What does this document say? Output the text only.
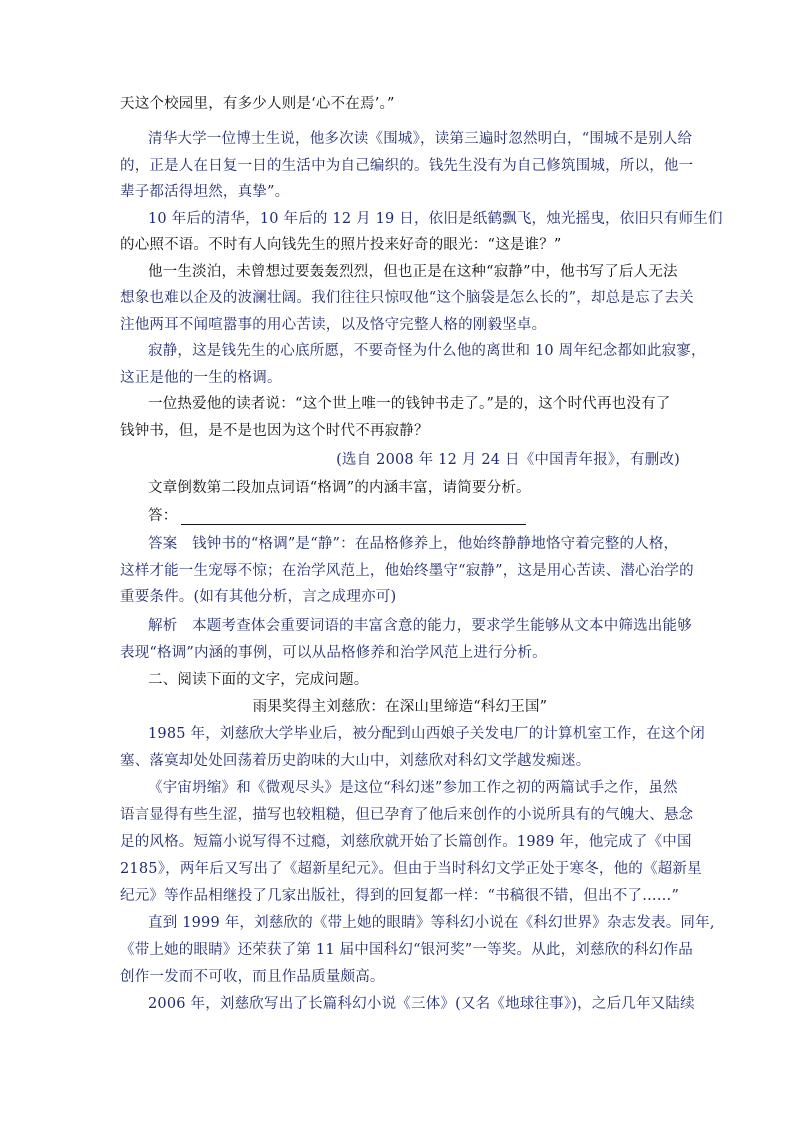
天这个校园里，有多少人则是‘心不在焉’。”
清华大学一位博士生说，他多次读《围城》，读第三遍时忽然明白，“围城不是别人给
的，正是人在日复一日的生活中为自己编织的。钱先生没有为自己修筑围城，所以，他一
辈子都活得坦然，真挚”。
10 年后的清华，10 年后的 12 月 19 日，依旧是纸鹤飘飞，烛光摇曳，依旧只有师生们
的心照不语。不时有人向钱先生的照片投来好奇的眼光：“这是谁？”
他一生淡泊，未曾想过要轰轰烈烈，但也正是在这种“寂静”中，他书写了后人无法
想象也难以企及的波澜壮阔。我们往往只惊叹他“这个脑袋是怎么长的”，却总是忘了去关
注他两耳不闻喧嚣事的用心苦读，以及恪守完整人格的刚毅坚卓。
寂静，这是钱先生的心底所愿，不要奇怪为什么他的离世和 10 周年纪念都如此寂寥，
这正是他的一生的格调。
一位热爱他的读者说：“这个世上唯一的钱钟书走了。”是的，这个时代再也没有了
钱钟书，但，是不是也因为这个时代不再寂静？
(选自 2008 年 12 月 24 日《中国青年报》，有删改)
文章倒数第二段加点词语“格调”的内涵丰富，请简要分析。
答：
答案　钱钟书的“格调”是“静”：在品格修养上，他始终静静地恪守着完整的人格，
这样才能一生宠辱不惊；在治学风范上，他始终墨守“寂静”，这是用心苦读、潜心治学的
重要条件。(如有其他分析，言之成理亦可)
解析　本题考查体会重要词语的丰富含意的能力，要求学生能够从文本中筛选出能够
表现“格调”内涵的事例，可以从品格修养和治学风范上进行分析。
二、阅读下面的文字，完成问题。
雨果奖得主刘慈欣：在深山里缔造“科幻王国”
1985 年，刘慈欣大学毕业后，被分配到山西娘子关发电厂的计算机室工作，在这个闭
塞、落寞却处处回荡着历史韵味的大山中，刘慈欣对科幻文学越发痴迷。
《宇宙坍缩》和《微观尽头》是这位“科幻迷”参加工作之初的两篇试手之作，虽然
语言显得有些生涩，描写也较粗糙，但已孕育了他后来创作的小说所具有的气魄大、悬念
足的风格。短篇小说写得不过瘾，刘慈欣就开始了长篇创作。1989 年，他完成了《中国
2185》，两年后又写出了《超新星纪元》。但由于当时科幻文学正处于寒冬，他的《超新星
纪元》等作品相继投了几家出版社，得到的回复都一样：“书稿很不错，但出不了……”
直到 1999 年，刘慈欣的《带上她的眼睛》等科幻小说在《科幻世界》杂志发表。同年,
《带上她的眼睛》还荣获了第 11 届中国科幻“银河奖”一等奖。从此，刘慈欣的科幻作品
创作一发而不可收，而且作品质量颇高。
2006 年，刘慈欣写出了长篇科幻小说《三体》(又名《地球往事》)，之后几年又陆续
